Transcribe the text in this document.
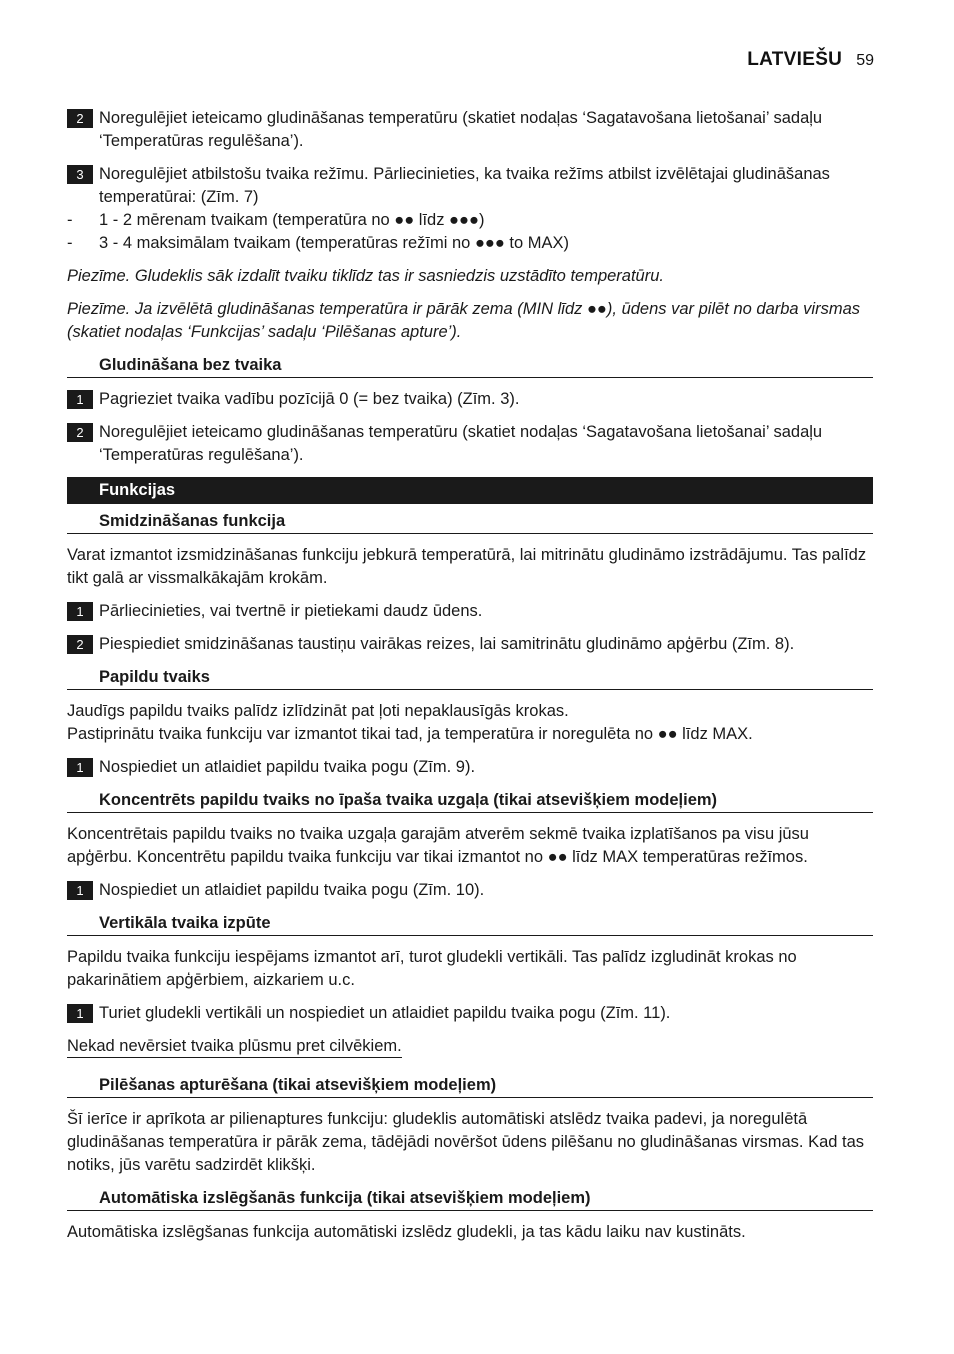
LATVIEŠU 59
2 Noregulējiet ieteicamo gludināšanas temperatūru (skatiet nodaļas ‘Sagatavošana lietošanai’ sadaļu ‘Temperatūras regulēšana’).
3 Noregulējiet atbilstošu tvaika režīmu. Pārliecinieties, ka tvaika režīms atbilst izvēlētajai gludināšanas temperatūrai: (Zīm. 7)
- 1 - 2 mērenam tvaikam (temperatūra no ●● līdz ●●●)
- 3 - 4 maksimālam tvaikam (temperatūras režīmi no ●●● to MAX)
Piezīme. Gludeklis sāk izdalīt tvaiku tiklīdz tas ir sasniedzis uzstādīto temperatūru.
Piezīme. Ja izvēlētā gludināšanas temperatūra ir pārāk zema (MIN līdz ●●), ūdens var pilēt no darba virsmas (skatiet nodaļas ‘Funkcijas’ sadaļu ‘Pilēšanas apture’).
Gludināšana bez tvaika
1 Pagrieziet tvaika vadību pozīcijā 0 (= bez tvaika) (Zīm. 3).
2 Noregulējiet ieteicamo gludināšanas temperatūru (skatiet nodaļas ‘Sagatavošana lietošanai’ sadaļu ‘Temperatūras regulēšana’).
Funkcijas
Smidzināšanas funkcija
Varat izmantot izsmidzināšanas funkciju jebkurā temperatūrā, lai mitrinātu gludināmo izstrādājumu. Tas palīdz tikt galā ar vissmalkākajām krokām.
1 Pārliecinieties, vai tvertnē ir pietiekami daudz ūdens.
2 Piespiediet smidzināšanas taustiņu vairākas reizes, lai samitrinātu gludināmo apģērbu (Zīm. 8).
Papildu tvaiks
Jaudīgs papildu tvaiks palīdz izlīdzināt pat ļoti nepaklausīgās krokas.
Pastiprinātu tvaika funkciju var izmantot tikai tad, ja temperatūra ir noregulēta no ●● līdz MAX.
1 Nospiediet un atlaidiet papildu tvaika pogu (Zīm. 9).
Koncentrēts papildu tvaiks no īpaša tvaika uzgaļa (tikai atsevišķiem modeļiem)
Koncentrētais papildu tvaiks no tvaika uzgaļa garajām atverēm sekmē tvaika izplatīšanos pa visu jūsu apģērbu. Koncentrētu papildu tvaika funkciju var tikai izmantot no ●● līdz MAX temperatūras režīmos.
1 Nospiediet un atlaidiet papildu tvaika pogu (Zīm. 10).
Vertikāla tvaika izpūte
Papildu tvaika funkciju iespējams izmantot arī, turot gludekli vertikāli. Tas palīdz izgludināt krokas no pakarinātiem apģērbiem, aizkariem u.c.
1 Turiet gludekli vertikāli un nospiediet un atlaidiet papildu tvaika pogu (Zīm. 11).
Nekad nevērsiet tvaika plūsmu pret cilvēkiem.
Pilēšanas apturēšana (tikai atsevišķiem modeļiem)
Šī ierīce ir aprīkota ar pilienaptures funkciju: gludeklis automātiski atslēdz tvaika padevi, ja noregulētā gludināšanas temperatūra ir pārāk zema, tādējādi novēršot ūdens pilēšanu no gludināšanas virsmas. Kad tas notiks, jūs varētu sadzirdēt klikšķi.
Automātiska izslēgšanās funkcija (tikai atsevišķiem modeļiem)
Automātiska izslēgšanas funkcija automātiski izslēdz gludekli, ja tas kādu laiku nav kustināts.
